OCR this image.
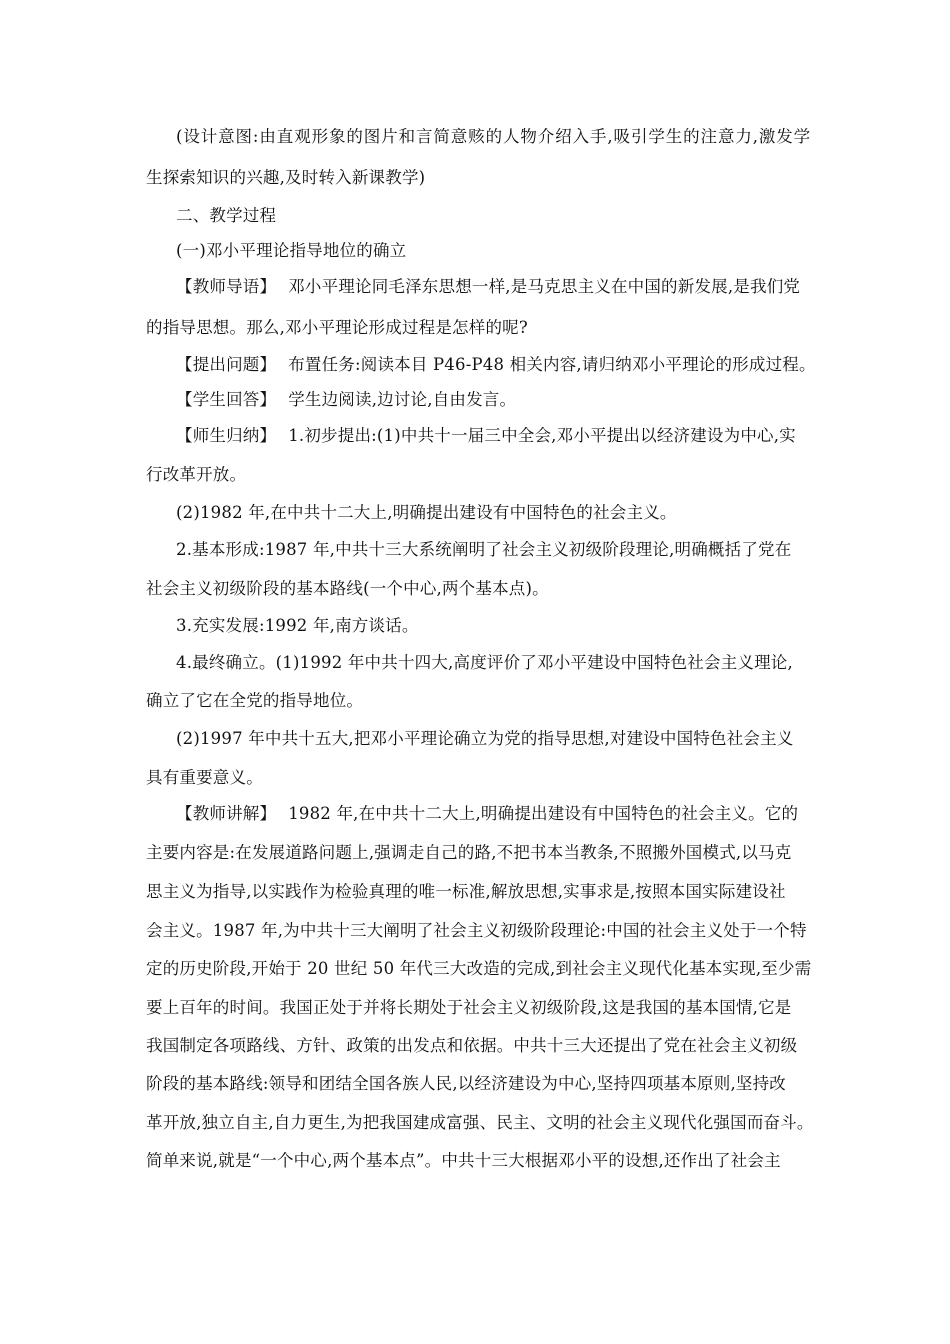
(设计意图:由直观形象的图片和言简意赅的人物介绍入手,吸引学生的注意力,激发学
生探索知识的兴趣,及时转入新课教学)
二、教学过程
(一)邓小平理论指导地位的确立
【教师导语】 邓小平理论同毛泽东思想一样,是马克思主义在中国的新发展,是我们党
的指导思想。那么,邓小平理论形成过程是怎样的呢?
【提出问题】 布置任务:阅读本目 P46-P48 相关内容,请归纳邓小平理论的形成过程。
【学生回答】 学生边阅读,边讨论,自由发言。
【师生归纳】 1.初步提出:(1)中共十一届三中全会,邓小平提出以经济建设为中心,实
行改革开放。
(2)1982 年,在中共十二大上,明确提出建设有中国特色的社会主义。
2.基本形成:1987 年,中共十三大系统阐明了社会主义初级阶段理论,明确概括了党在
社会主义初级阶段的基本路线(一个中心,两个基本点)。
3.充实发展:1992 年,南方谈话。
4.最终确立。(1)1992 年中共十四大,高度评价了邓小平建设中国特色社会主义理论,
确立了它在全党的指导地位。
(2)1997 年中共十五大,把邓小平理论确立为党的指导思想,对建设中国特色社会主义
具有重要意义。
【教师讲解】 1982 年,在中共十二大上,明确提出建设有中国特色的社会主义。它的
主要内容是:在发展道路问题上,强调走自己的路,不把书本当教条,不照搬外国模式,以马克
思主义为指导,以实践作为检验真理的唯一标准,解放思想,实事求是,按照本国实际建设社
会主义。1987 年,为中共十三大阐明了社会主义初级阶段理论:中国的社会主义处于一个特
定的历史阶段,开始于 20 世纪 50 年代三大改造的完成,到社会主义现代化基本实现,至少需
要上百年的时间。我国正处于并将长期处于社会主义初级阶段,这是我国的基本国情,它是
我国制定各项路线、方针、政策的出发点和依据。中共十三大还提出了党在社会主义初级
阶段的基本路线:领导和团结全国各族人民,以经济建设为中心,坚持四项基本原则,坚持改
革开放,独立自主,自力更生,为把我国建成富强、民主、文明的社会主义现代化强国而奋斗。
简单来说,就是“一个中心,两个基本点”。中共十三大根据邓小平的设想,还作出了社会主
